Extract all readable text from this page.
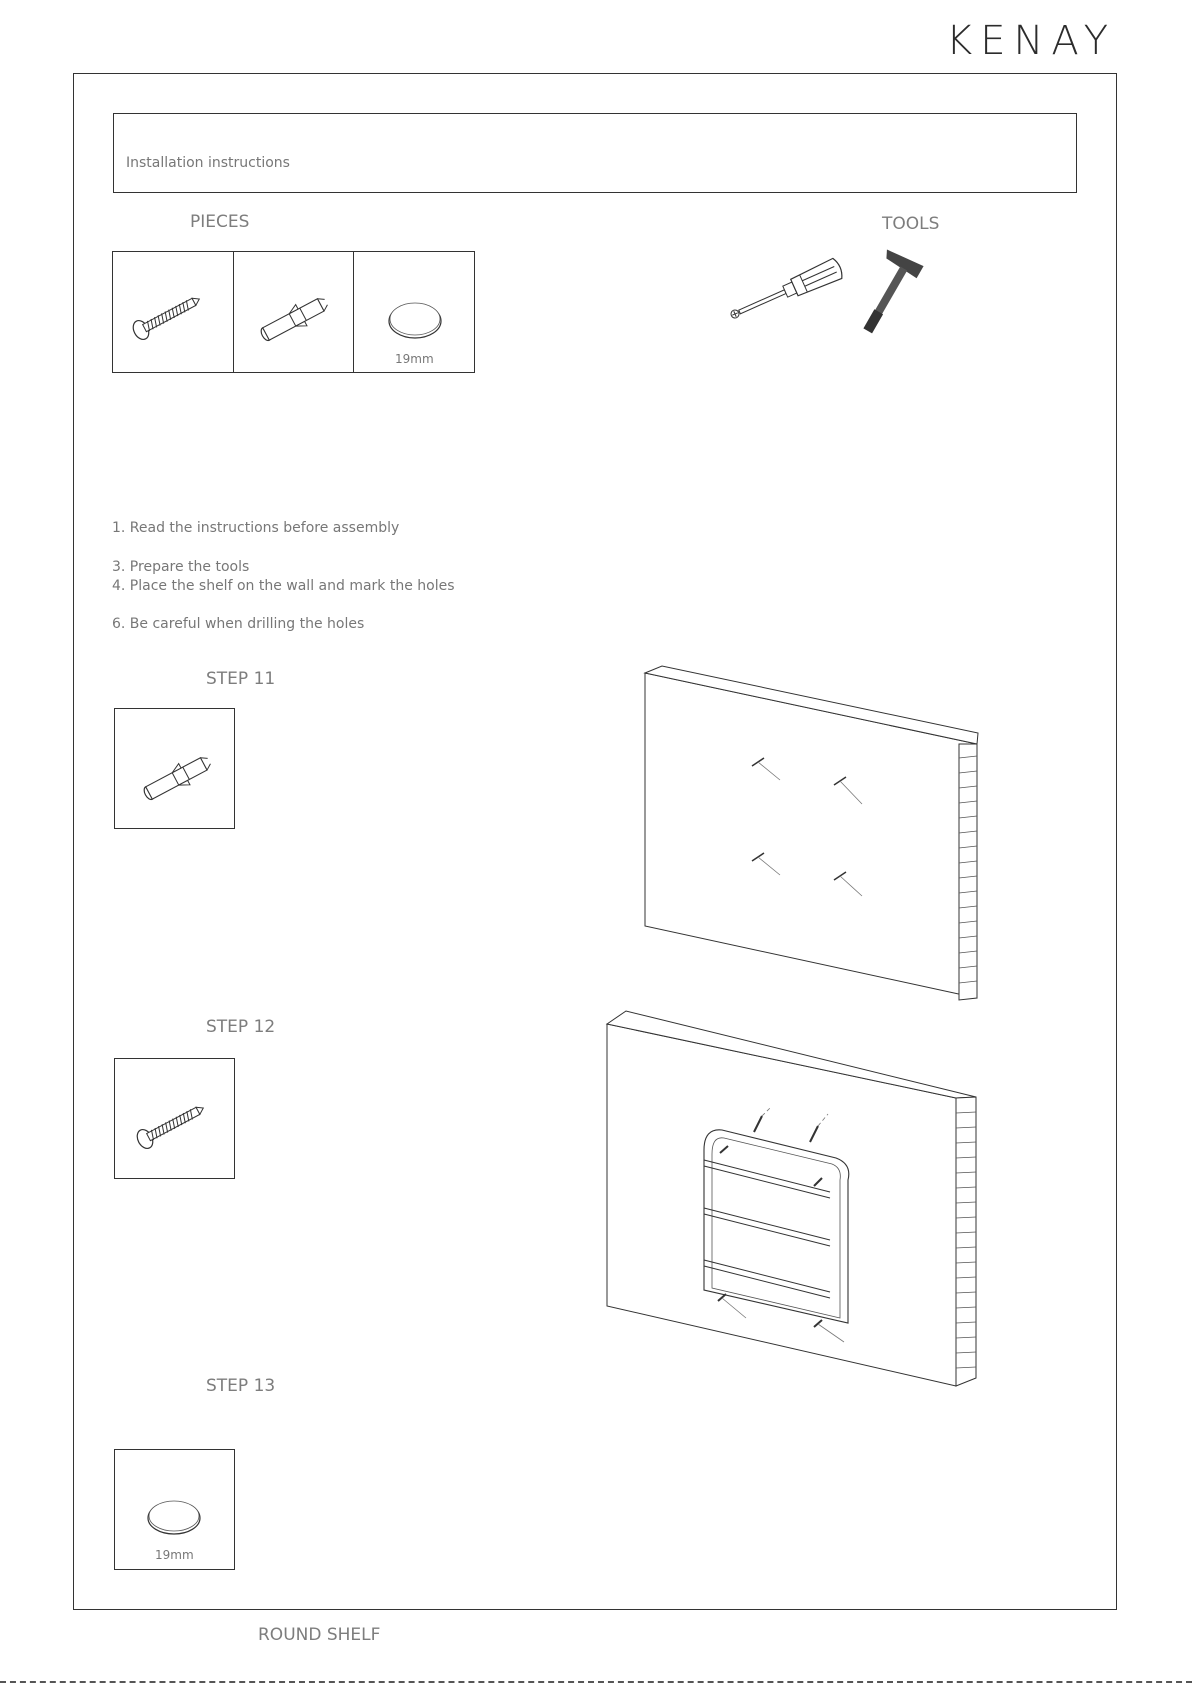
KENAY
Installation instructions
PIECES
19mm
TOOLS
1. Read the instructions before assembly
3. Prepare the tools
4. Place the shelf on the wall and mark the holes
6. Be careful when drilling the holes
STEP 11
STEP 12
STEP 13
19mm
ROUND SHELF
